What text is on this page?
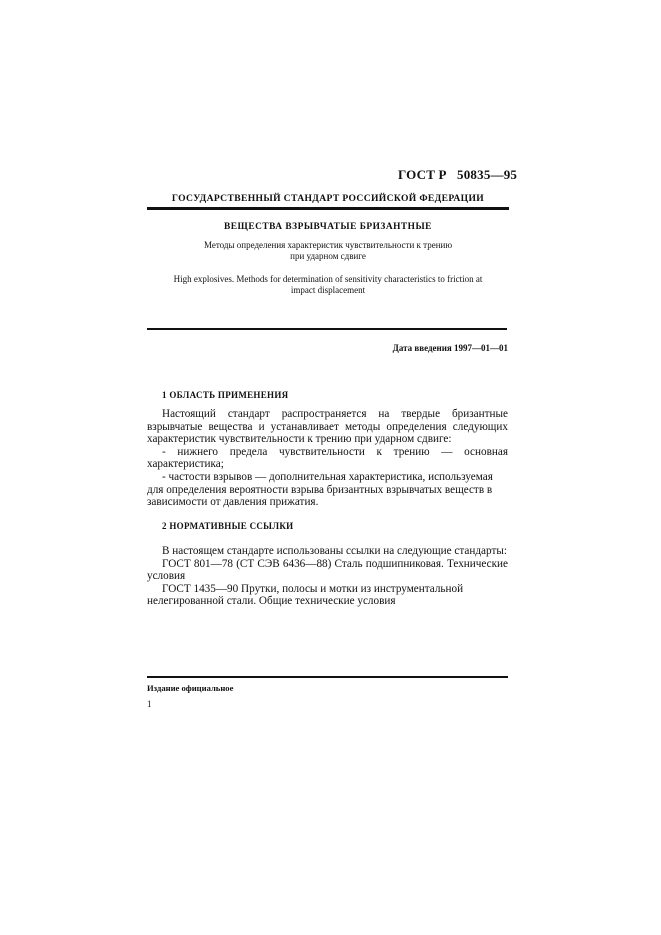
ГОСТ Р   50835—95
ГОСУДАРСТВЕННЫЙ СТАНДАРТ РОССИЙСКОЙ ФЕДЕРАЦИИ
ВЕЩЕСТВА ВЗРЫВЧАТЫЕ БРИЗАНТНЫЕ
Методы определения характеристик чувствительности к трению
при ударном сдвиге
High explosives. Methods for determination of sensitivity characteristics to friction at
impact displacement
Дата введения 1997—01—01
1 ОБЛАСТЬ ПРИМЕНЕНИЯ

Настоящий стандарт распространяется на твердые бризантные взрывчатые вещества и устанавливает методы определения следующих характеристик чувствительности к трению при ударном сдвиге:

- нижнего предела чувствительности к трению — основная характеристика;

- частости взрывов — дополнительная характеристика, используемая для определения вероятности взрыва бризантных взрывчатых веществ в зависимости от давления прижатия.

2 НОРМАТИВНЫЕ ССЫЛКИ

В настоящем стандарте использованы ссылки на следующие стандарты:

ГОСТ 801—78 (СТ СЭВ 6436—88) Сталь подшипниковая. Технические условия

ГОСТ 1435—90 Прутки, полосы и мотки из инструментальной нелегированной стали. Общие технические условия

Издание официальное
1
